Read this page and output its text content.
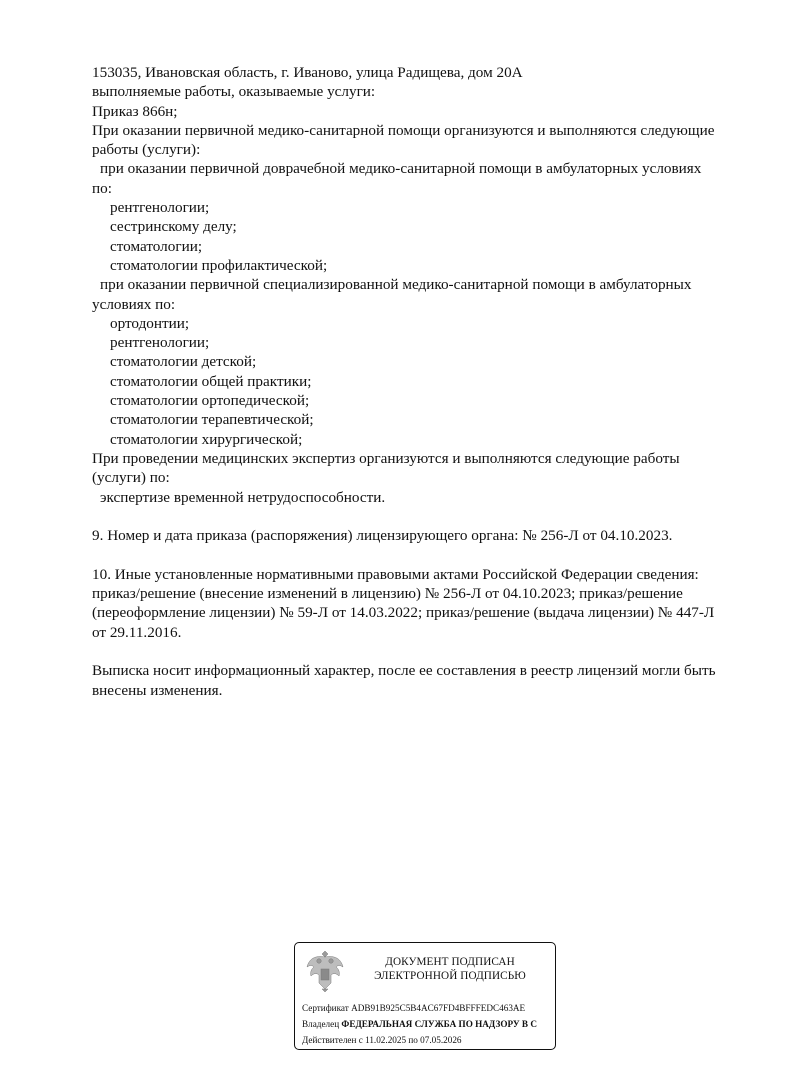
153035, Ивановская область, г. Иваново, улица Радищева, дом 20А
выполняемые работы, оказываемые услуги:
Приказ 866н;
При оказании первичной медико-санитарной помощи организуются и выполняются следующие
работы (услуги):
при оказании первичной доврачебной медико-санитарной помощи в амбулаторных условиях
по:
рентгенологии;
сестринскому делу;
стоматологии;
стоматологии профилактической;
при оказании первичной специализированной медико-санитарной помощи в амбулаторных
условиях по:
ортодонтии;
рентгенологии;
стоматологии детской;
стоматологии общей практики;
стоматологии ортопедической;
стоматологии терапевтической;
стоматологии хирургической;
При проведении медицинских экспертиз организуются и выполняются следующие работы
(услуги) по:
экспертизе временной нетрудоспособности.
9. Номер и дата приказа (распоряжения) лицензирующего органа: № 256-Л от 04.10.2023.
10. Иные установленные нормативными правовыми актами Российской Федерации сведения:
приказ/решение (внесение изменений в лицензию) № 256-Л от 04.10.2023; приказ/решение
(переоформление лицензии) № 59-Л от 14.03.2022; приказ/решение (выдача лицензии) № 447-Л
от 29.11.2016.
Выписка носит информационный характер, после ее составления в реестр лицензий могли быть
внесены изменения.
ДОКУМЕНТ ПОДПИСАН
ЭЛЕКТРОННОЙ ПОДПИСЬЮ
Сертификат ADB91B925C5B4AC67FD4BFFFEDC463AE
Владелец ФЕДЕРАЛЬНАЯ СЛУЖБА ПО НАДЗОРУ В С
Действителен с 11.02.2025 по 07.05.2026
